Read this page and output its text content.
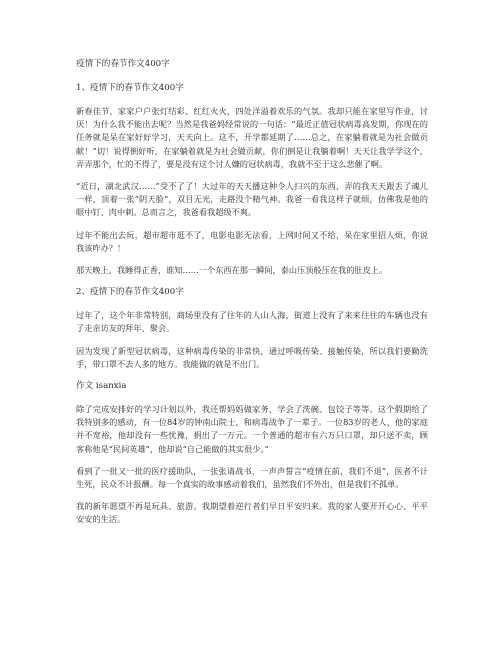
疫情下的春节作文400字
1、疫情下的春节作文400字
新春佳节，家家户户张灯结彩、红红火火，四处洋溢着欢乐的气氛。我却只能在家里写作业，讨厌！为什么我不能出去呢？当然是我爸妈经常说的一句话：“最近正值冠状病毒高发期，你现在的任务就是呆在家好好学习，天天向上。这不，开学都延期了……总之，在家躺着就是为社会做贡献！”切！说得倒好听，在家躺着就是为社会做贡献，你们倒是让我躺着啊！天天让我学学这个，弄弄那个，忙的不得了，要是没有这个讨人嫌的冠状病毒，我就不至于这么悲催了啊。
“近日，湖北武汉……”受不了了！大过年的天天播这种令人扫兴的东西，弄的我天天跟丢了魂儿一样，顶着一张“阴天脸”，双目无光，走路没个精气神。我爸一看我这样子就烦，仿佛我是他的眼中钉、肉中刺。总而言之，我爸看我超级不爽。
过年不能出去玩，超市超市逛不了，电影电影无法看，上网时间又不给，呆在家里招人烦，你说我该咋办？！
那天晚上，我睡得正香，谁知……一个东西在那一瞬间，泰山压顶般压在我的肚皮上。
2、疫情下的春节作文400字
过年了，这个年非常特别，商场里没有了往年的人山人海，街道上没有了来来往往的车辆也没有了走亲访友的拜年、聚会。
因为发现了新型冠状病毒，这种病毒传染的非常快，通过呼吸传染、接触传染，所以我们要勤洗手，带口罩不去人多的地方。我能做的就是不出门。
作文 isanxia
除了完成安排好的学习计划以外，我还帮妈妈做家务，学会了洗碗、包饺子等等。这个假期给了我特别多的感动，有一位84岁的钟南山院士，和病毒战争了一辈子。一位83岁的老人，他的家庭并不宽裕，他却没有一些忧豫，捐出了一万元。一个普通的超市有六万只口罩，却只送不卖，顾客称他是“民间英雄”，他却说“自己能做的其实很少。”
看到了一批又一批的医疗援助队，一张张请战书，一声声誓言“疫情在前，我们不退”，医者不计生死，民众不计报酬。每一个真实的故事感动着我们，虽然我们不外出，但是我们不孤单。
我的新年愿望不再是玩具、旅游。我期望着逆行者们早日平安归来。我的家人要开开心心、平平安安的生活。
